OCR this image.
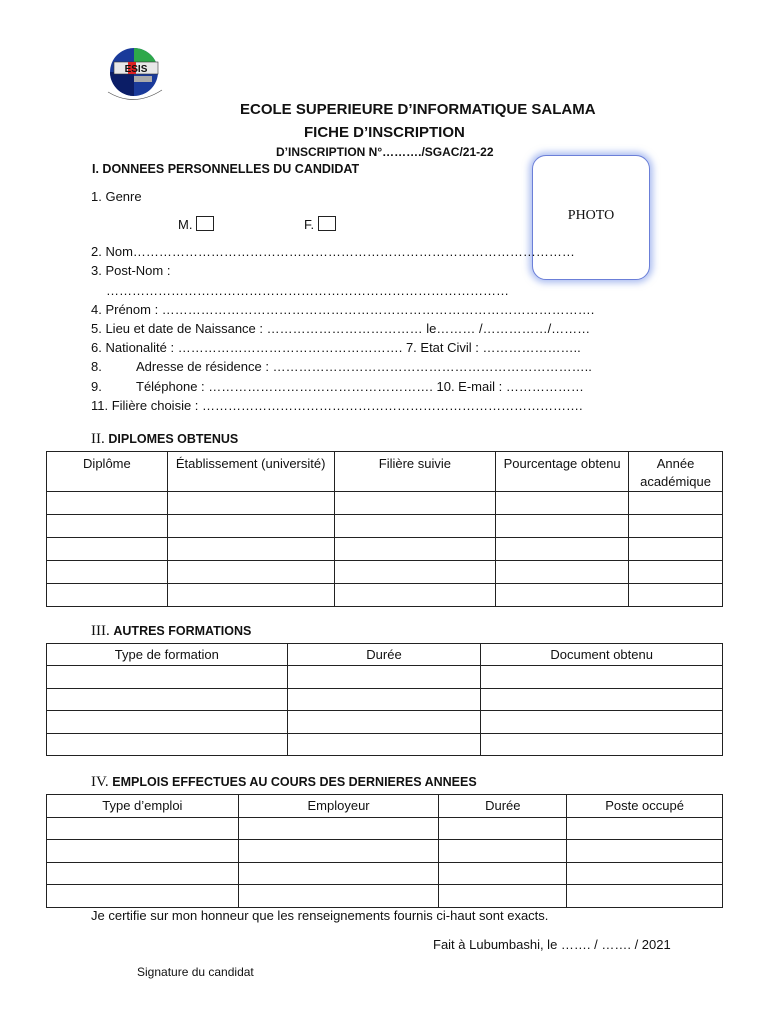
ESIS
ECOLE SUPERIEURE D’INFORMATIQUE SALAMA
FICHE D’INSCRIPTION
D’INSCRIPTION N°………./SGAC/21-22
I. DONNEES PERSONNELLES DU CANDIDAT
PHOTO
1. Genre
M.	F.
2. Nom…………………………………………………………………………………………
3. Post-Nom :
…………………………………………………………………………………
4. Prénom : ……………………………………………………………………………………….
5. Lieu et date de Naissance : ……………………………… le……… /……………/………
6. Nationalité : ……………………………………………. 7. Etat Civil : …………………..
8.	Adresse de résidence : ………………………………………………………………..
9.	Téléphone : ……………………………………………. 10. E-mail : ………………
11. Filière choisie : …………………………………………………………………………….
II. DIPLOMES OBTENUS
Diplôme	Établissement (université)	Filière suivie	Pourcentage obtenu	Année académique

III. AUTRES FORMATIONS
Type de formation	Durée	Document obtenu

IV. EMPLOIS EFFECTUES AU COURS DES DERNIERES ANNEES
Type d’emploi	Employeur	Durée	Poste occupé

Je certifie sur mon honneur que les renseignements fournis ci-haut sont exacts.
Fait à Lubumbashi, le ……. / ……. / 2021
Signature du candidat
